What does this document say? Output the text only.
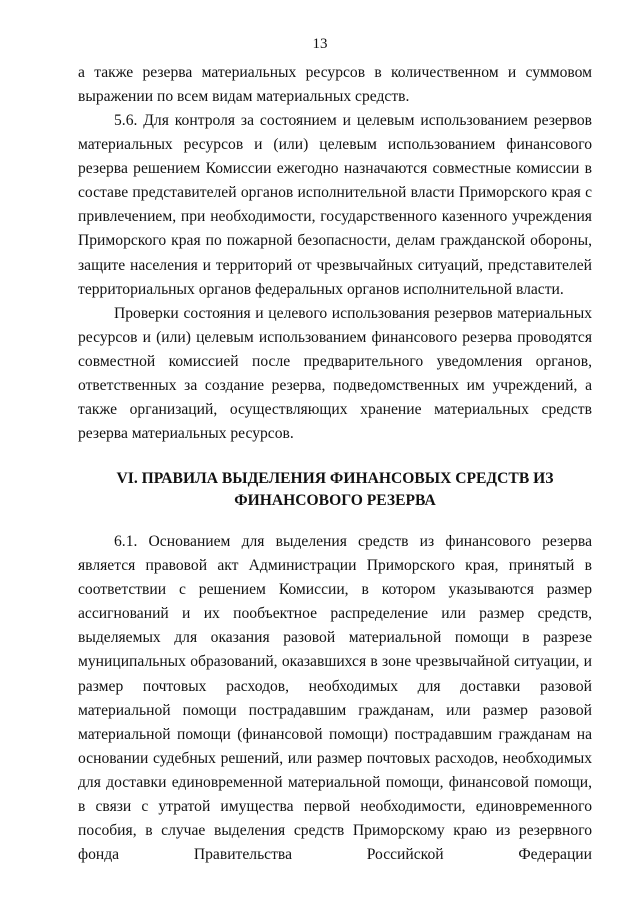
13

а также резерва материальных ресурсов в количественном и суммовом выражении по всем видам материальных средств.

5.6. Для контроля за состоянием и целевым использованием резервов материальных ресурсов и (или) целевым использованием финансового резерва решением Комиссии ежегодно назначаются совместные комиссии в составе представителей органов исполнительной власти Приморского края с привлечением, при необходимости, государственного казенного учреждения Приморского края по пожарной безопасности, делам гражданской обороны, защите населения и территорий от чрезвычайных ситуаций, представителей территориальных органов федеральных органов исполнительной власти.

Проверки состояния и целевого использования резервов материальных ресурсов и (или) целевым использованием финансового резерва проводятся совместной комиссией после предварительного уведомления органов, ответственных за создание резерва, подведомственных им учреждений, а также организаций, осуществляющих хранение материальных средств резерва материальных ресурсов.

VI. ПРАВИЛА ВЫДЕЛЕНИЯ ФИНАНСОВЫХ СРЕДСТВ ИЗ
ФИНАНСОВОГО РЕЗЕРВА

6.1. Основанием для выделения средств из финансового резерва является правовой акт Администрации Приморского края, принятый в соответствии с решением Комиссии, в котором указываются размер ассигнований и их пообъектное распределение или размер средств, выделяемых для оказания разовой материальной помощи в разрезе муниципальных образований, оказавшихся в зоне чрезвычайной ситуации, и размер почтовых расходов, необходимых для доставки разовой материальной помощи пострадавшим гражданам, или размер разовой материальной помощи (финансовой помощи) пострадавшим гражданам на основании судебных решений, или размер почтовых расходов, необходимых для доставки единовременной материальной помощи, финансовой помощи, в связи с утратой имущества первой необходимости, единовременного пособия, в случае выделения средств Приморскому краю из резервного фонда Правительства Российской Федерации
